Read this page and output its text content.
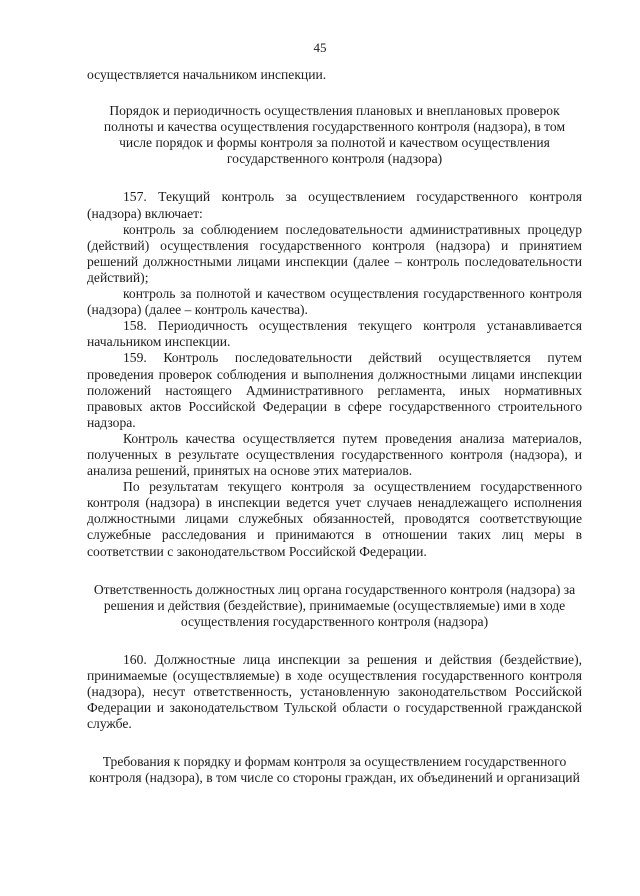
45

осуществляется начальником инспекции.

Порядок и периодичность осуществления плановых и внеплановых проверок полноты и качества осуществления государственного контроля (надзора), в том числе порядок и формы контроля за полнотой и качеством осуществления государственного контроля (надзора)

157. Текущий контроль за осуществлением государственного контроля (надзора) включает:

контроль за соблюдением последовательности административных процедур (действий) осуществления государственного контроля (надзора) и принятием решений должностными лицами инспекции (далее – контроль последовательности действий);

контроль за полнотой и качеством осуществления государственного контроля (надзора) (далее – контроль качества).

158. Периодичность осуществления текущего контроля устанавливается начальником инспекции.

159. Контроль последовательности действий осуществляется путем проведения проверок соблюдения и выполнения должностными лицами инспекции положений настоящего Административного регламента, иных нормативных правовых актов Российской Федерации в сфере государственного строительного надзора.

Контроль качества осуществляется путем проведения анализа материалов, полученных в результате осуществления государственного контроля (надзора), и анализа решений, принятых на основе этих материалов.

По результатам текущего контроля за осуществлением государственного контроля (надзора) в инспекции ведется учет случаев ненадлежащего исполнения должностными лицами служебных обязанностей, проводятся соответствующие служебные расследования и принимаются в отношении таких лиц меры в соответствии с законодательством Российской Федерации.

Ответственность должностных лиц органа государственного контроля (надзора) за решения и действия (бездействие), принимаемые (осуществляемые) ими в ходе осуществления государственного контроля (надзора)

160. Должностные лица инспекции за решения и действия (бездействие), принимаемые (осуществляемые) в ходе осуществления государственного контроля (надзора), несут ответственность, установленную законодательством Российской Федерации и законодательством Тульской области о государственной гражданской службе.

Требования к порядку и формам контроля за осуществлением государственного контроля (надзора), в том числе со стороны граждан, их объединений и организаций
